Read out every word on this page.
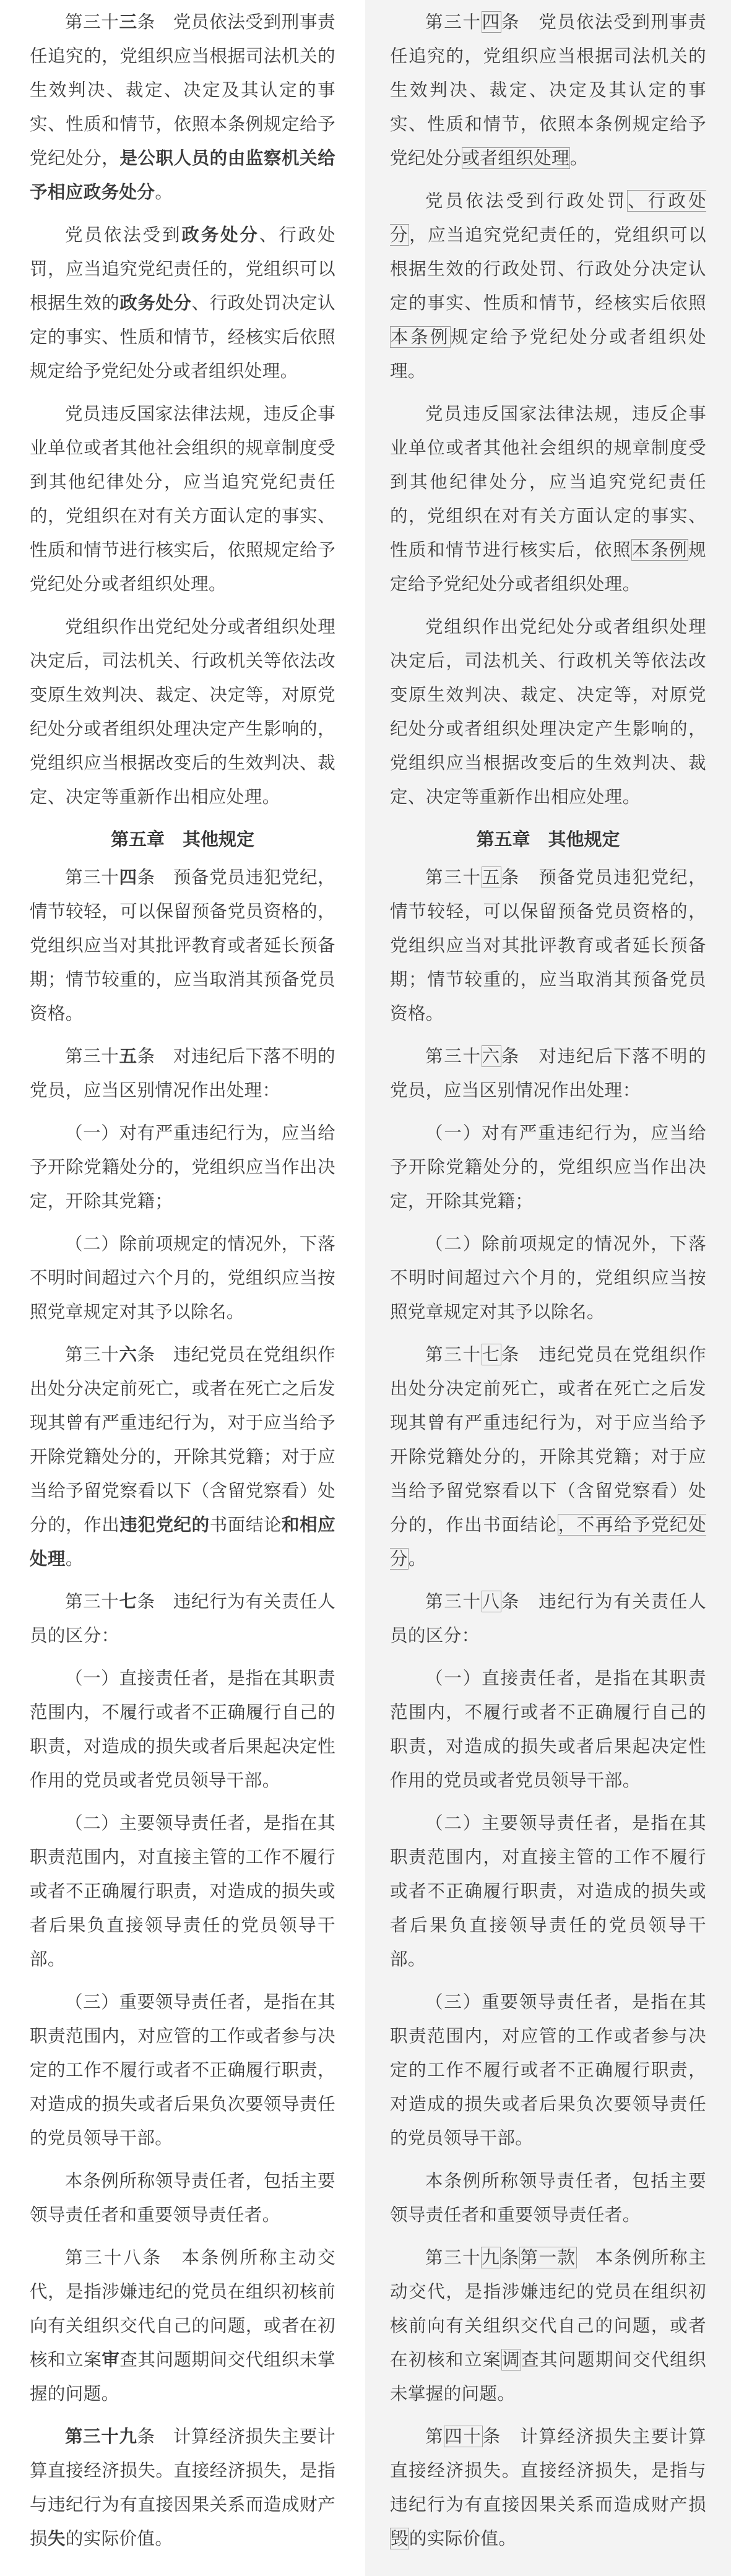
第三十三条　党员依法受到刑事责任追究的，党组织应当根据司法机关的生效判决、裁定、决定及其认定的事实、性质和情节，依照本条例规定给予党纪处分，是公职人员的由监察机关给予相应政务处分。

党员依法受到政务处分、行政处罚，应当追究党纪责任的，党组织可以根据生效的政务处分、行政处罚决定认定的事实、性质和情节，经核实后依照规定给予党纪处分或者组织处理。

党员违反国家法律法规，违反企事业单位或者其他社会组织的规章制度受到其他纪律处分，应当追究党纪责任的，党组织在对有关方面认定的事实、性质和情节进行核实后，依照规定给予党纪处分或者组织处理。

党组织作出党纪处分或者组织处理决定后，司法机关、行政机关等依法改变原生效判决、裁定、决定等，对原党纪处分或者组织处理决定产生影响的，党组织应当根据改变后的生效判决、裁定、决定等重新作出相应处理。

第五章　其他规定

第三十四条　预备党员违犯党纪，情节较轻，可以保留预备党员资格的，党组织应当对其批评教育或者延长预备期；情节较重的，应当取消其预备党员资格。

第三十五条　对违纪后下落不明的党员，应当区别情况作出处理：

（一）对有严重违纪行为，应当给予开除党籍处分的，党组织应当作出决定，开除其党籍；

（二）除前项规定的情况外，下落不明时间超过六个月的，党组织应当按照党章规定对其予以除名。

第三十六条　违纪党员在党组织作出处分决定前死亡，或者在死亡之后发现其曾有严重违纪行为，对于应当给予开除党籍处分的，开除其党籍；对于应当给予留党察看以下（含留党察看）处分的，作出违犯党纪的书面结论和相应处理。

第三十七条　违纪行为有关责任人员的区分：

（一）直接责任者，是指在其职责范围内，不履行或者不正确履行自己的职责，对造成的损失或者后果起决定性作用的党员或者党员领导干部。

（二）主要领导责任者，是指在其职责范围内，对直接主管的工作不履行或者不正确履行职责，对造成的损失或者后果负直接领导责任的党员领导干部。

（三）重要领导责任者，是指在其职责范围内，对应管的工作或者参与决定的工作不履行或者不正确履行职责，对造成的损失或者后果负次要领导责任的党员领导干部。

本条例所称领导责任者，包括主要领导责任者和重要领导责任者。

第三十八条　本条例所称主动交代，是指涉嫌违纪的党员在组织初核前向有关组织交代自己的问题，或者在初核和立案审查其问题期间交代组织未掌握的问题。

第三十九条　计算经济损失主要计算直接经济损失。直接经济损失，是指与违纪行为有直接因果关系而造成财产损失的实际价值。

第三十四条　党员依法受到刑事责任追究的，党组织应当根据司法机关的生效判决、裁定、决定及其认定的事实、性质和情节，依照本条例规定给予党纪处分或者组织处理。

党员依法受到行政处罚、行政处分，应当追究党纪责任的，党组织可以根据生效的行政处罚、行政处分决定认定的事实、性质和情节，经核实后依照本条例规定给予党纪处分或者组织处理。

党员违反国家法律法规，违反企事业单位或者其他社会组织的规章制度受到其他纪律处分，应当追究党纪责任的，党组织在对有关方面认定的事实、性质和情节进行核实后，依照本条例规定给予党纪处分或者组织处理。

党组织作出党纪处分或者组织处理决定后，司法机关、行政机关等依法改变原生效判决、裁定、决定等，对原党纪处分或者组织处理决定产生影响的，党组织应当根据改变后的生效判决、裁定、决定等重新作出相应处理。

第五章　其他规定

第三十五条　预备党员违犯党纪，情节较轻，可以保留预备党员资格的，党组织应当对其批评教育或者延长预备期；情节较重的，应当取消其预备党员资格。

第三十六条　对违纪后下落不明的党员，应当区别情况作出处理：

（一）对有严重违纪行为，应当给予开除党籍处分的，党组织应当作出决定，开除其党籍；

（二）除前项规定的情况外，下落不明时间超过六个月的，党组织应当按照党章规定对其予以除名。

第三十七条　违纪党员在党组织作出处分决定前死亡，或者在死亡之后发现其曾有严重违纪行为，对于应当给予开除党籍处分的，开除其党籍；对于应当给予留党察看以下（含留党察看）处分的，作出书面结论，不再给予党纪处分。

第三十八条　违纪行为有关责任人员的区分：

（一）直接责任者，是指在其职责范围内，不履行或者不正确履行自己的职责，对造成的损失或者后果起决定性作用的党员或者党员领导干部。

（二）主要领导责任者，是指在其职责范围内，对直接主管的工作不履行或者不正确履行职责，对造成的损失或者后果负直接领导责任的党员领导干部。

（三）重要领导责任者，是指在其职责范围内，对应管的工作或者参与决定的工作不履行或者不正确履行职责，对造成的损失或者后果负次要领导责任的党员领导干部。

本条例所称领导责任者，包括主要领导责任者和重要领导责任者。

第三十九条第一款　本条例所称主动交代，是指涉嫌违纪的党员在组织初核前向有关组织交代自己的问题，或者在初核和立案调查其问题期间交代组织未掌握的问题。

第四十条　计算经济损失主要计算直接经济损失。直接经济损失，是指与违纪行为有直接因果关系而造成财产损毁的实际价值。
